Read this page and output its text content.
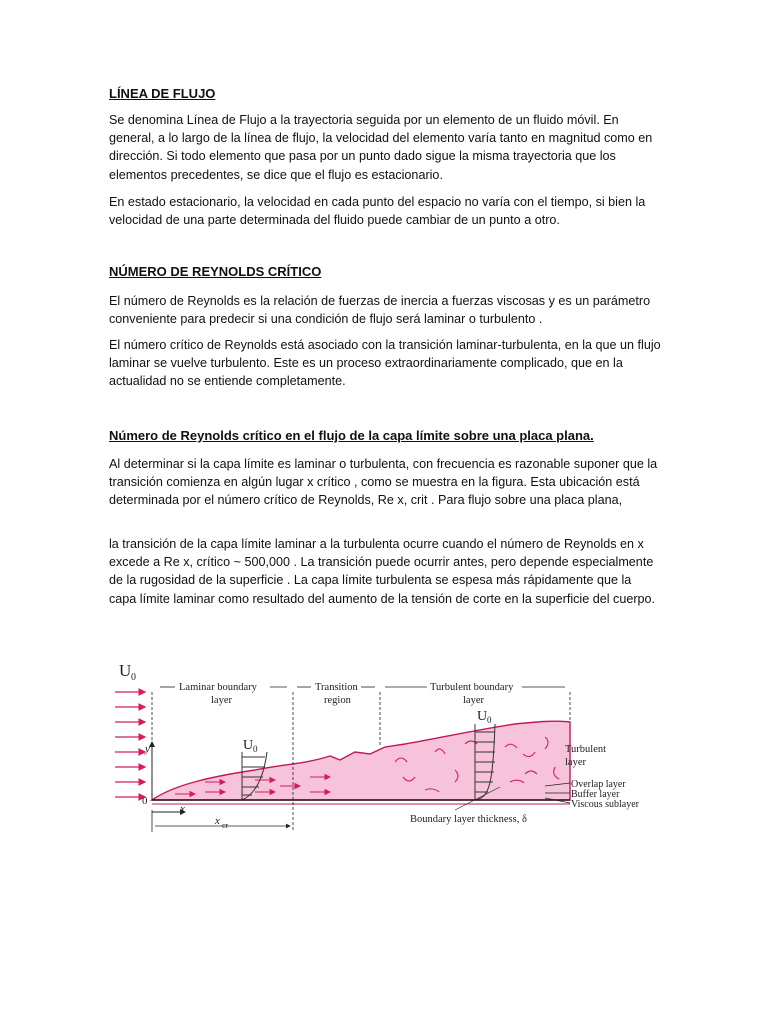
LÍNEA DE FLUJO

Se denomina Línea de Flujo a la trayectoria seguida por un elemento de un fluido móvil. En general, a lo largo de la línea de flujo, la velocidad del elemento varía tanto en magnitud como en dirección. Si todo elemento que pasa por un punto dado sigue la misma trayectoria que los elementos precedentes, se dice que el flujo es estacionario.

En estado estacionario, la velocidad en cada punto del espacio no varía con el tiempo, si bien la velocidad de una parte determinada del fluido puede cambiar de un punto a otro.

NÚMERO DE REYNOLDS CRÍTICO

El número de Reynolds es la relación de fuerzas de inercia a fuerzas viscosas y es un parámetro conveniente para predecir si una condición de flujo será laminar o turbulento .

El número crítico de Reynolds está asociado con la transición laminar-turbulenta, en la que un flujo laminar se vuelve turbulento. Este es un proceso extraordinariamente complicado, que en la actualidad no se entiende completamente.

Número de Reynolds crítico en el flujo de la capa límite sobre una placa plana.

Al determinar si la capa límite es laminar o turbulenta, con frecuencia es razonable suponer que la transición comienza en algún lugar x crítico , como se muestra en la figura. Esta ubicación está determinada por el número crítico de Reynolds, Re x, crit . Para flujo sobre una placa plana,

la transición de la capa límite laminar a la turbulenta ocurre cuando el número de Reynolds en x excede a Re x, crítico ~ 500,000 . La transición puede ocurrir antes, pero depende especialmente de la rugosidad de la superficie . La capa límite turbulenta se espesa más rápidamente que la capa límite laminar como resultado del aumento de la tensión de corte en la superficie del cuerpo.

U 0
U 0
U 0
y
0
x
x cr
Laminar boundary
layer
Transition
region
Turbulent boundary
layer
Turbulent
layer
Overlap layer
Buffer layer
Viscous sublayer
Boundary layer thickness, δ
